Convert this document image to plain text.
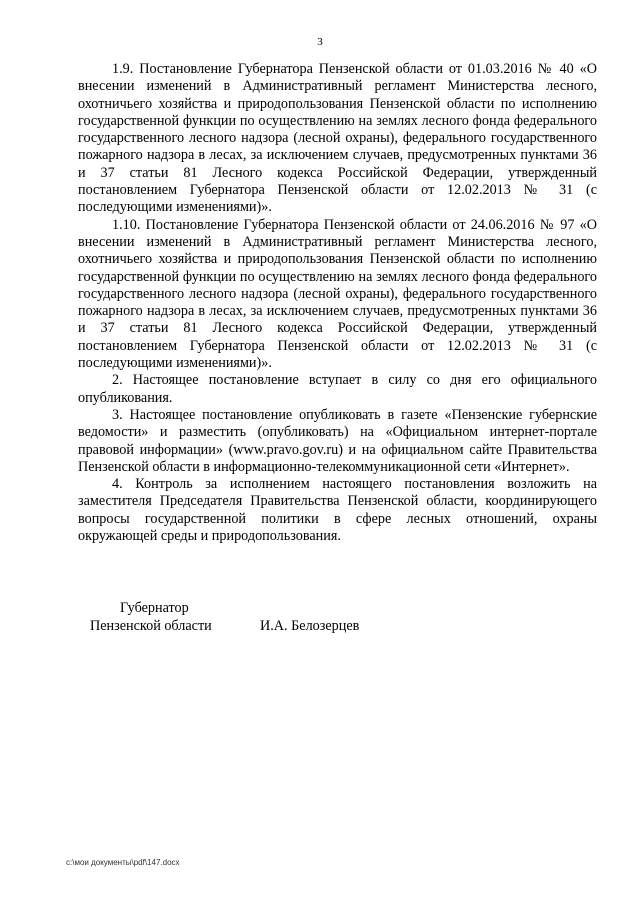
3

1.9. Постановление Губернатора Пензенской области от 01.03.2016 № 40 «О внесении изменений в Административный регламент Министерства лесного, охотничьего хозяйства и природопользования Пензенской области по исполнению государственной функции по осуществлению на землях лесного фонда федерального государственного лесного надзора (лесной охраны), федерального государственного пожарного надзора в лесах, за исключением случаев, предусмотренных пунктами 36 и 37 статьи 81 Лесного кодекса Российской Федерации, утвержденный постановлением Губернатора Пензенской области от 12.02.2013 № 31 (с последующими изменениями)».

1.10. Постановление Губернатора Пензенской области от 24.06.2016 № 97 «О внесении изменений в Административный регламент Министерства лесного, охотничьего хозяйства и природопользования Пензенской области по исполнению государственной функции по осуществлению на землях лесного фонда федерального государственного лесного надзора (лесной охраны), федерального государственного пожарного надзора в лесах, за исключением случаев, предусмотренных пунктами 36 и 37 статьи 81 Лесного кодекса Российской Федерации, утвержденный постановлением Губернатора Пензенской области от 12.02.2013 № 31 (с последующими изменениями)».

2. Настоящее постановление вступает в силу со дня его официального опубликования.

3. Настоящее постановление опубликовать в газете «Пензенские губернские ведомости» и разместить (опубликовать) на «Официальном интернет-портале правовой информации» (www.pravo.gov.ru) и на официальном сайте Правительства Пензенской области в информационно-телекоммуникационной сети «Интернет».

4. Контроль за исполнением настоящего постановления возложить на заместителя Председателя Правительства Пензенской области, координирующего вопросы государственной политики в сфере лесных отношений, охраны окружающей среды и природопользования.

Губернатор
Пензенской области	И.А. Белозерцев
c:\мои документы\pdf\147.docx
